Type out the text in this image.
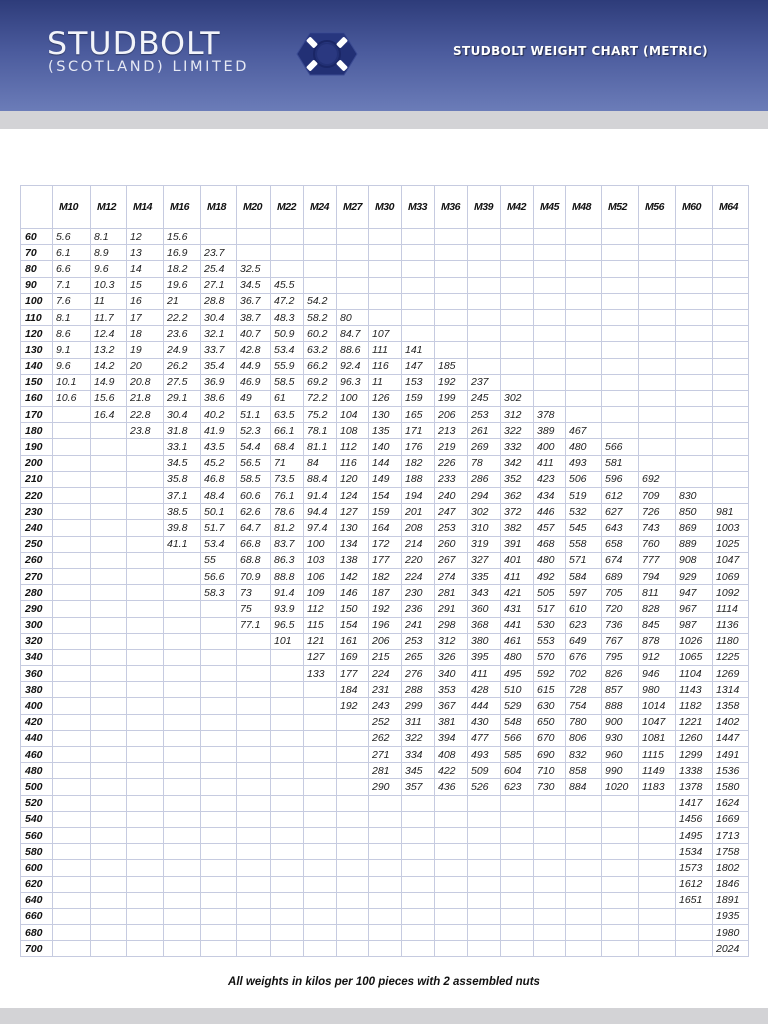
STUDBOLT
(SCOTLAND) LIMITED
STUDBOLT WEIGHT CHART (METRIC)
	M10	M12	M14	M16	M18	M20	M22	M24	M27	M30	M33	M36	M39	M42	M45	M48	M52	M56	M60	M64
60	5.6	8.1	12	15.6																
70	6.1	8.9	13	16.9	23.7															
80	6.6	9.6	14	18.2	25.4	32.5														
90	7.1	10.3	15	19.6	27.1	34.5	45.5													
100	7.6	11	16	21	28.8	36.7	47.2	54.2												
110	8.1	11.7	17	22.2	30.4	38.7	48.3	58.2	80											
120	8.6	12.4	18	23.6	32.1	40.7	50.9	60.2	84.7	107										
130	9.1	13.2	19	24.9	33.7	42.8	53.4	63.2	88.6	111	141									
140	9.6	14.2	20	26.2	35.4	44.9	55.9	66.2	92.4	116	147	185								
150	10.1	14.9	20.8	27.5	36.9	46.9	58.5	69.2	96.3	11	153	192	237							
160	10.6	15.6	21.8	29.1	38.6	49	61	72.2	100	126	159	199	245	302						
170		16.4	22.8	30.4	40.2	51.1	63.5	75.2	104	130	165	206	253	312	378					
180			23.8	31.8	41.9	52.3	66.1	78.1	108	135	171	213	261	322	389	467				
190				33.1	43.5	54.4	68.4	81.1	112	140	176	219	269	332	400	480	566			
200				34.5	45.2	56.5	71	84	116	144	182	226	78	342	411	493	581			
210				35.8	46.8	58.5	73.5	88.4	120	149	188	233	286	352	423	506	596	692		
220				37.1	48.4	60.6	76.1	91.4	124	154	194	240	294	362	434	519	612	709	830	
230				38.5	50.1	62.6	78.6	94.4	127	159	201	247	302	372	446	532	627	726	850	981
240				39.8	51.7	64.7	81.2	97.4	130	164	208	253	310	382	457	545	643	743	869	1003
250				41.1	53.4	66.8	83.7	100	134	172	214	260	319	391	468	558	658	760	889	1025
260					55	68.8	86.3	103	138	177	220	267	327	401	480	571	674	777	908	1047
270					56.6	70.9	88.8	106	142	182	224	274	335	411	492	584	689	794	929	1069
280					58.3	73	91.4	109	146	187	230	281	343	421	505	597	705	811	947	1092
290						75	93.9	112	150	192	236	291	360	431	517	610	720	828	967	1114
300						77.1	96.5	115	154	196	241	298	368	441	530	623	736	845	987	1136
320							101	121	161	206	253	312	380	461	553	649	767	878	1026	1180
340								127	169	215	265	326	395	480	570	676	795	912	1065	1225
360								133	177	224	276	340	411	495	592	702	826	946	1104	1269
380									184	231	288	353	428	510	615	728	857	980	1143	1314
400									192	243	299	367	444	529	630	754	888	1014	1182	1358
420										252	311	381	430	548	650	780	900	1047	1221	1402
440										262	322	394	477	566	670	806	930	1081	1260	1447
460										271	334	408	493	585	690	832	960	1115	1299	1491
480										281	345	422	509	604	710	858	990	1149	1338	1536
500										290	357	436	526	623	730	884	1020	1183	1378	1580
520																			1417	1624
540																			1456	1669
560																			1495	1713
580																			1534	1758
600																			1573	1802
620																			1612	1846
640																			1651	1891
660																				1935
680																				1980
700																				2024
All weights in kilos per 100 pieces with 2 assembled nuts
